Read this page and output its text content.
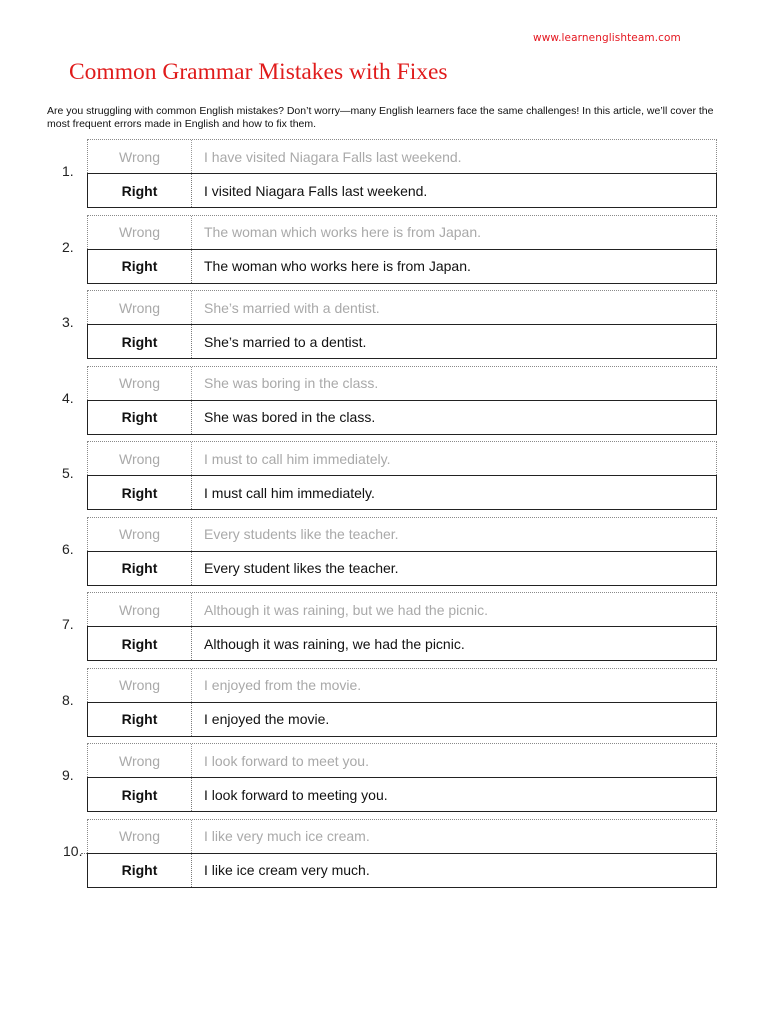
www.learnenglishteam.com
Common Grammar Mistakes with Fixes

Are you struggling with common English mistakes? Don’t worry—many English learners face the same challenges! In this article, we’ll cover the most frequent errors made in English and how to fix them.

1.
Wrong	I have visited Niagara Falls last weekend.
Right	I visited Niagara Falls last weekend.
2.
Wrong	The woman which works here is from Japan.
Right	The woman who works here is from Japan.
3.
Wrong	She’s married with a dentist.
Right	She’s married to a dentist.
4.
Wrong	She was boring in the class.
Right	She was bored in the class.
5.
Wrong	I must to call him immediately.
Right	I must call him immediately.
6.
Wrong	Every students like the teacher.
Right	Every student likes the teacher.
7.
Wrong	Although it was raining, but we had the picnic.
Right	Although it was raining, we had the picnic.
8.
Wrong	I enjoyed from the movie.
Right	I enjoyed the movie.
9.
Wrong	I look forward to meet you.
Right	I look forward to meeting you.
10.
Wrong	I like very much ice cream.
Right	I like ice cream very much.
